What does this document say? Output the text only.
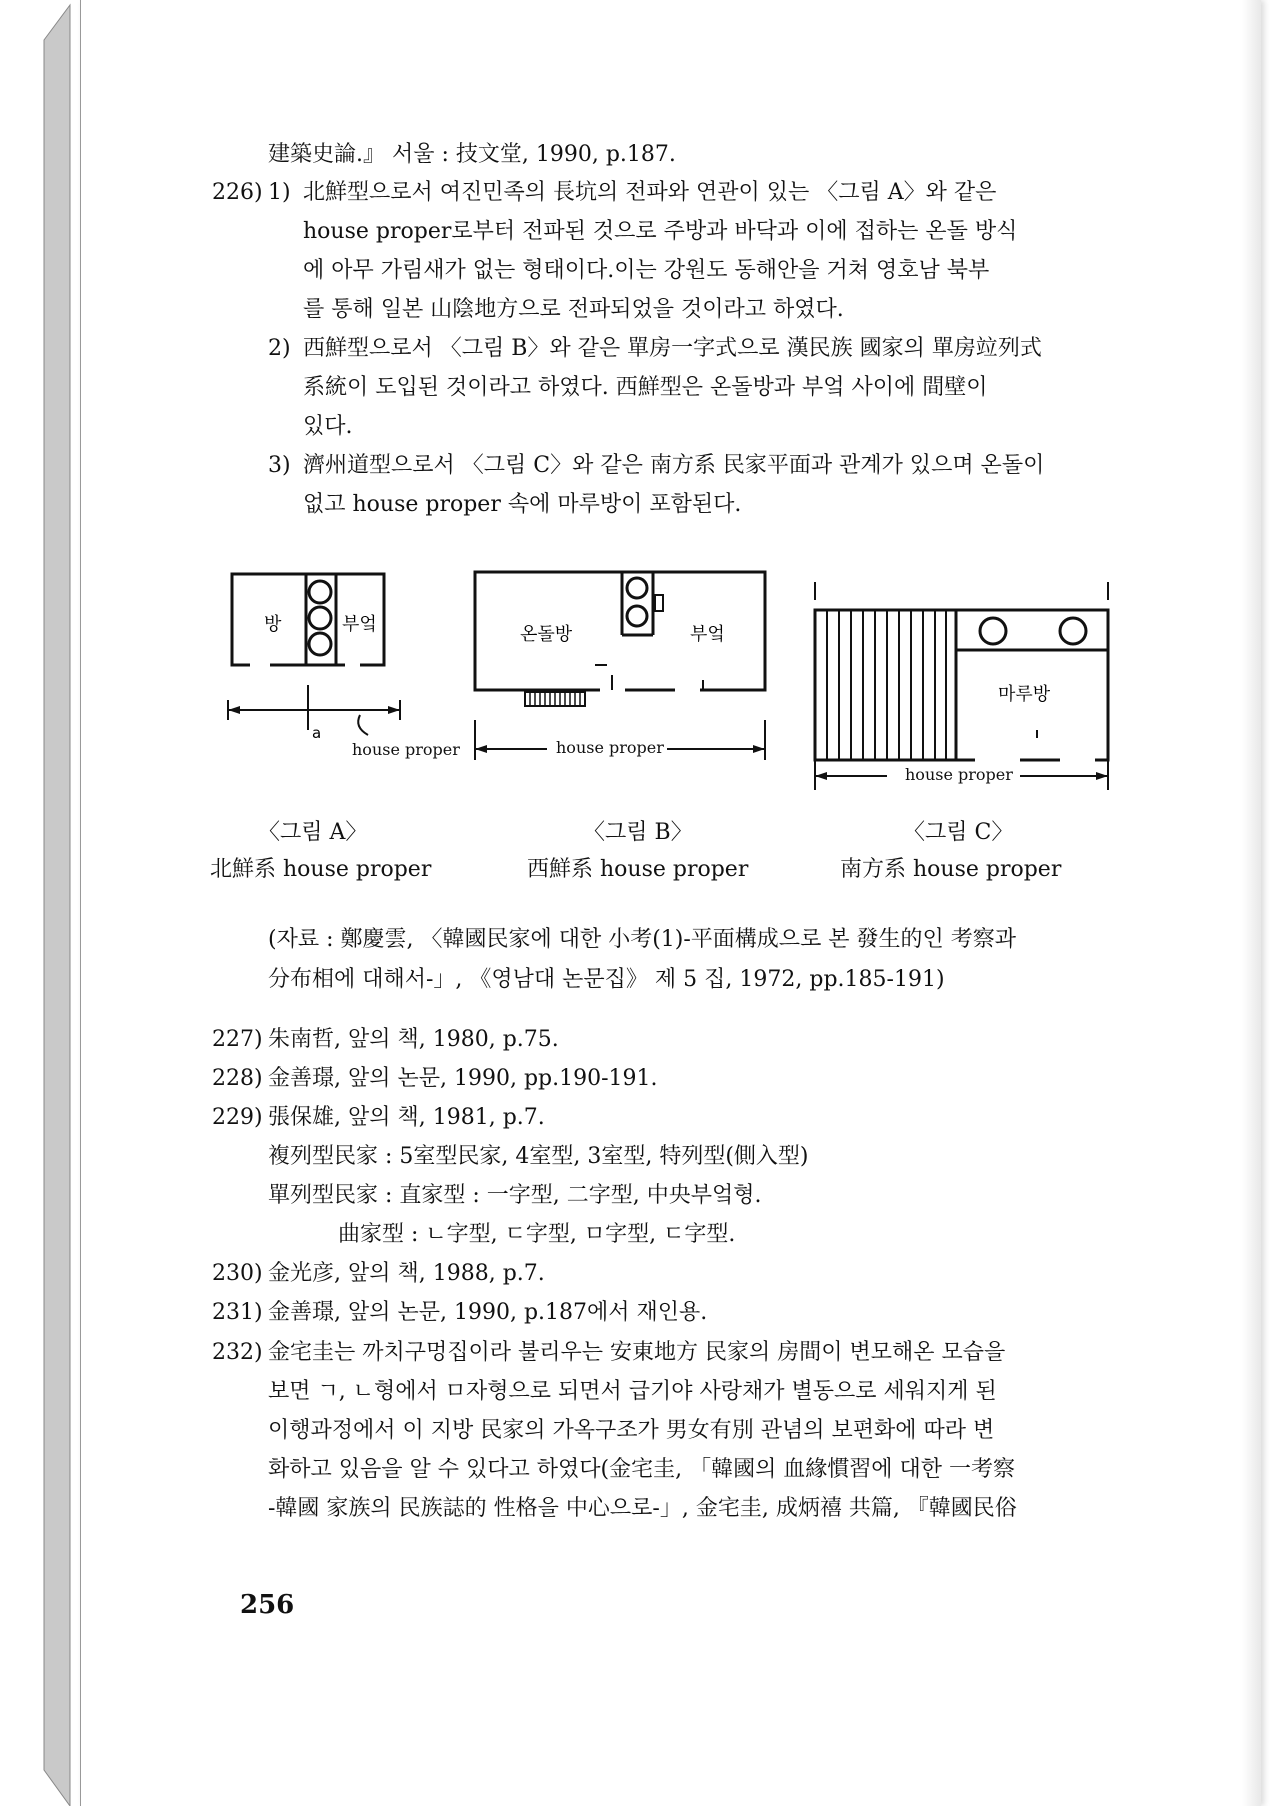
建築史論.』 서울 : 技文堂, 1990, p.187.
226) 1) 北鮮型으로서 여진민족의 長坑의 전파와 연관이 있는 〈그림 A〉와 같은
house proper로부터 전파된 것으로 주방과 바닥과 이에 접하는 온돌 방식
에 아무 가림새가 없는 형태이다.이는 강원도 동해안을 거쳐 영호남 북부
를 통해 일본 山陰地方으로 전파되었을 것이라고 하였다.
2) 西鮮型으로서 〈그림 B〉와 같은 單房一字式으로 漢民族 國家의 單房竝列式
系統이 도입된 것이라고 하였다. 西鮮型은 온돌방과 부엌 사이에 間壁이
있다.
3) 濟州道型으로서 〈그림 C〉와 같은 南方系 民家平面과 관계가 있으며 온돌이
없고 house proper 속에 마루방이 포함된다.
방	부엌
a
house proper
온돌방	부엌
house proper
마루방
house proper
〈그림 A〉	〈그림 B〉	〈그림 C〉
北鮮系 house proper	西鮮系 house proper	南方系 house proper
(자료 : 鄭慶雲, 〈韓國民家에 대한 小考(1)-平面構成으로 본 發生的인 考察과
分布相에 대해서-」, 《영남대 논문집》 제 5 집, 1972, pp.185-191)
227) 朱南哲, 앞의 책, 1980, p.75.
228) 金善璟, 앞의 논문, 1990, pp.190-191.
229) 張保雄, 앞의 책, 1981, p.7.
複列型民家 : 5室型民家, 4室型, 3室型, 特列型(側入型)
單列型民家 : 直家型 : 一字型, 二字型, 中央부엌형.
曲家型 : ㄴ字型, ㄷ字型, ㅁ字型, ㄷ字型.
230) 金光彦, 앞의 책, 1988, p.7.
231) 金善璟, 앞의 논문, 1990, p.187에서 재인용.
232) 金宅圭는 까치구멍집이라 불리우는 安東地方 民家의 房間이 변모해온 모습을
보면 ㄱ, ㄴ형에서 ㅁ자형으로 되면서 급기야 사랑채가 별동으로 세워지게 된
이행과정에서 이 지방 民家의 가옥구조가 男女有別 관념의 보편화에 따라 변
화하고 있음을 알 수 있다고 하였다(金宅圭, 「韓國의 血緣慣習에 대한 一考察
-韓國 家族의 民族誌的 性格을 中心으로-」, 金宅圭, 成炳禧 共篇, 『韓國民俗
256
